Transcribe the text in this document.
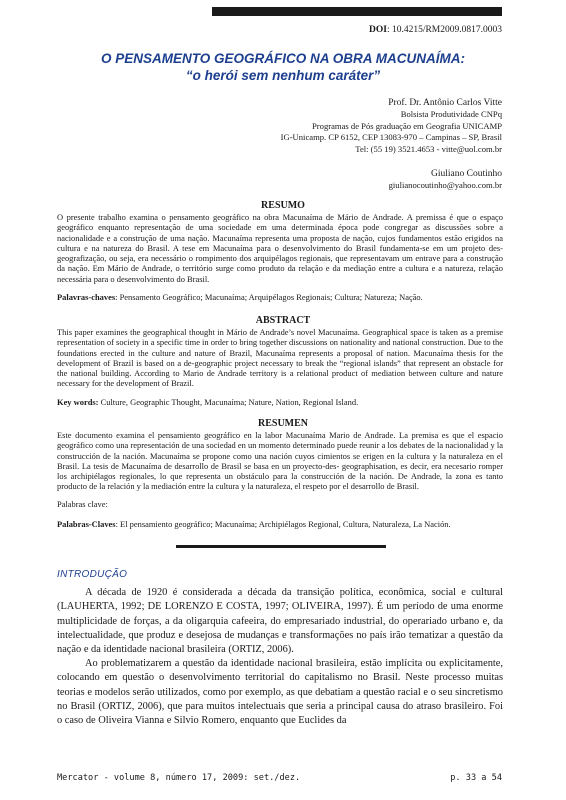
DOI: 10.4215/RM2009.0817.0003
O PENSAMENTO GEOGRÁFICO NA OBRA MACUNAÍMA:
“o herói sem nenhum caráter”
Prof. Dr. Antônio Carlos Vitte
Bolsista Produtividade CNPq
Programas de Pós graduação em Geografia UNICAMP
IG-Unicamp. CP 6152, CEP 13083-970 – Campinas – SP, Brasil
Tel: (55 19) 3521.4653 - vitte@uol.com.br
Giuliano Coutinho
giulianocoutinho@yahoo.com.br
RESUMO
O presente trabalho examina o pensamento geográfico na obra Macunaíma de Mário de Andrade. A premissa é que o espaço geográfico enquanto representação de uma sociedade em uma determinada época pode congregar as discussões sobre a nacionalidade e a construção de uma nação. Macunaíma representa uma proposta de nação, cujos fundamentos estão erigidos na cultura e na natureza do Brasil. A tese em Macunaíma para o desenvolvimento do Brasil fundamenta-se em um projeto des-geografização, ou seja, era necessário o rompimento dos arquipélagos regionais, que representavam um entrave para a construção da nação. Em Mário de Andrade, o território surge como produto da relação e da mediação entre a cultura e a natureza, relação necessária para o desenvolvimento do Brasil.
Palavras-chaves: Pensamento Geográfico; Macunaíma; Arquipélagos Regionais; Cultura; Natureza; Nação.
ABSTRACT
This paper examines the geographical thought in Mário de Andrade’s novel Macunaíma. Geographical space is taken as a premise representation of society in a specific time in order to bring together discussions on nationality and national construction. Due to the foundations erected in the culture and nature of Brazil, Macunaíma represents a proposal of nation. Macunaíma thesis for the development of Brazil is based on a de-geographic project necessary to break the “regional islands” that represent an obstacle for the national building. According to Mario de Andrade territory is a relational product of mediation between culture and nature necessary for the development of Brazil.
Key words: Culture, Geographic Thought, Macunaíma; Nature, Nation, Regional Island.
RESUMEN
Este documento examina el pensamiento geográfico en la labor Macunaíma Mario de Andrade. La premisa es que el espacio geográfico como una representación de una sociedad en un momento determinado puede reunir a los debates de la nacionalidad y la construcción de la nación. Macunaíma se propone como una nación cuyos cimientos se erigen en la cultura y la naturaleza en el Brasil. La tesis de Macunaíma de desarrollo de Brasil se basa en un proyecto-des- geographisation, es decir, era necesario romper los archipiélagos regionales, lo que representa un obstáculo para la construcción de la nación. De Andrade, la zona es tanto producto de la relación y la mediación entre la cultura y la naturaleza, el respeto por el desarrollo de Brasil.
Palabras clave:
Palabras-Claves: El pensamiento geográfico; Macunaíma; Archipiélagos Regional, Cultura, Naturaleza, La Nación.
INTRODUÇÃO
A década de 1920 é considerada a década da transição política, econômica, social e cultural (LAUHERTA, 1992; DE LORENZO E COSTA, 1997; OLIVEIRA, 1997). É um período de uma enorme multiplicidade de forças, a da oligarquia cafeeira, do empresariado industrial, do operariado urbano e, da intelectualidade, que produz e desejosa de mudanças e transformações no país irão tematizar a questão da nação e da identidade nacional brasileira (ORTIZ, 2006).
Ao problematizarem a questão da identidade nacional brasileira, estão implícita ou explicitamente, colocando em questão o desenvolvimento territorial do capitalismo no Brasil. Neste processo muitas teorias e modelos serão utilizados, como por exemplo, as que debatiam a questão racial e o seu sincretismo no Brasil (ORTIZ, 2006), que para muitos intelectuais que seria a principal causa do atraso brasileiro. Foi o caso de Oliveira Vianna e Silvio Romero, enquanto que Euclides da
Mercator - volume 8, número 17, 2009: set./dez.	p. 33 a 54
